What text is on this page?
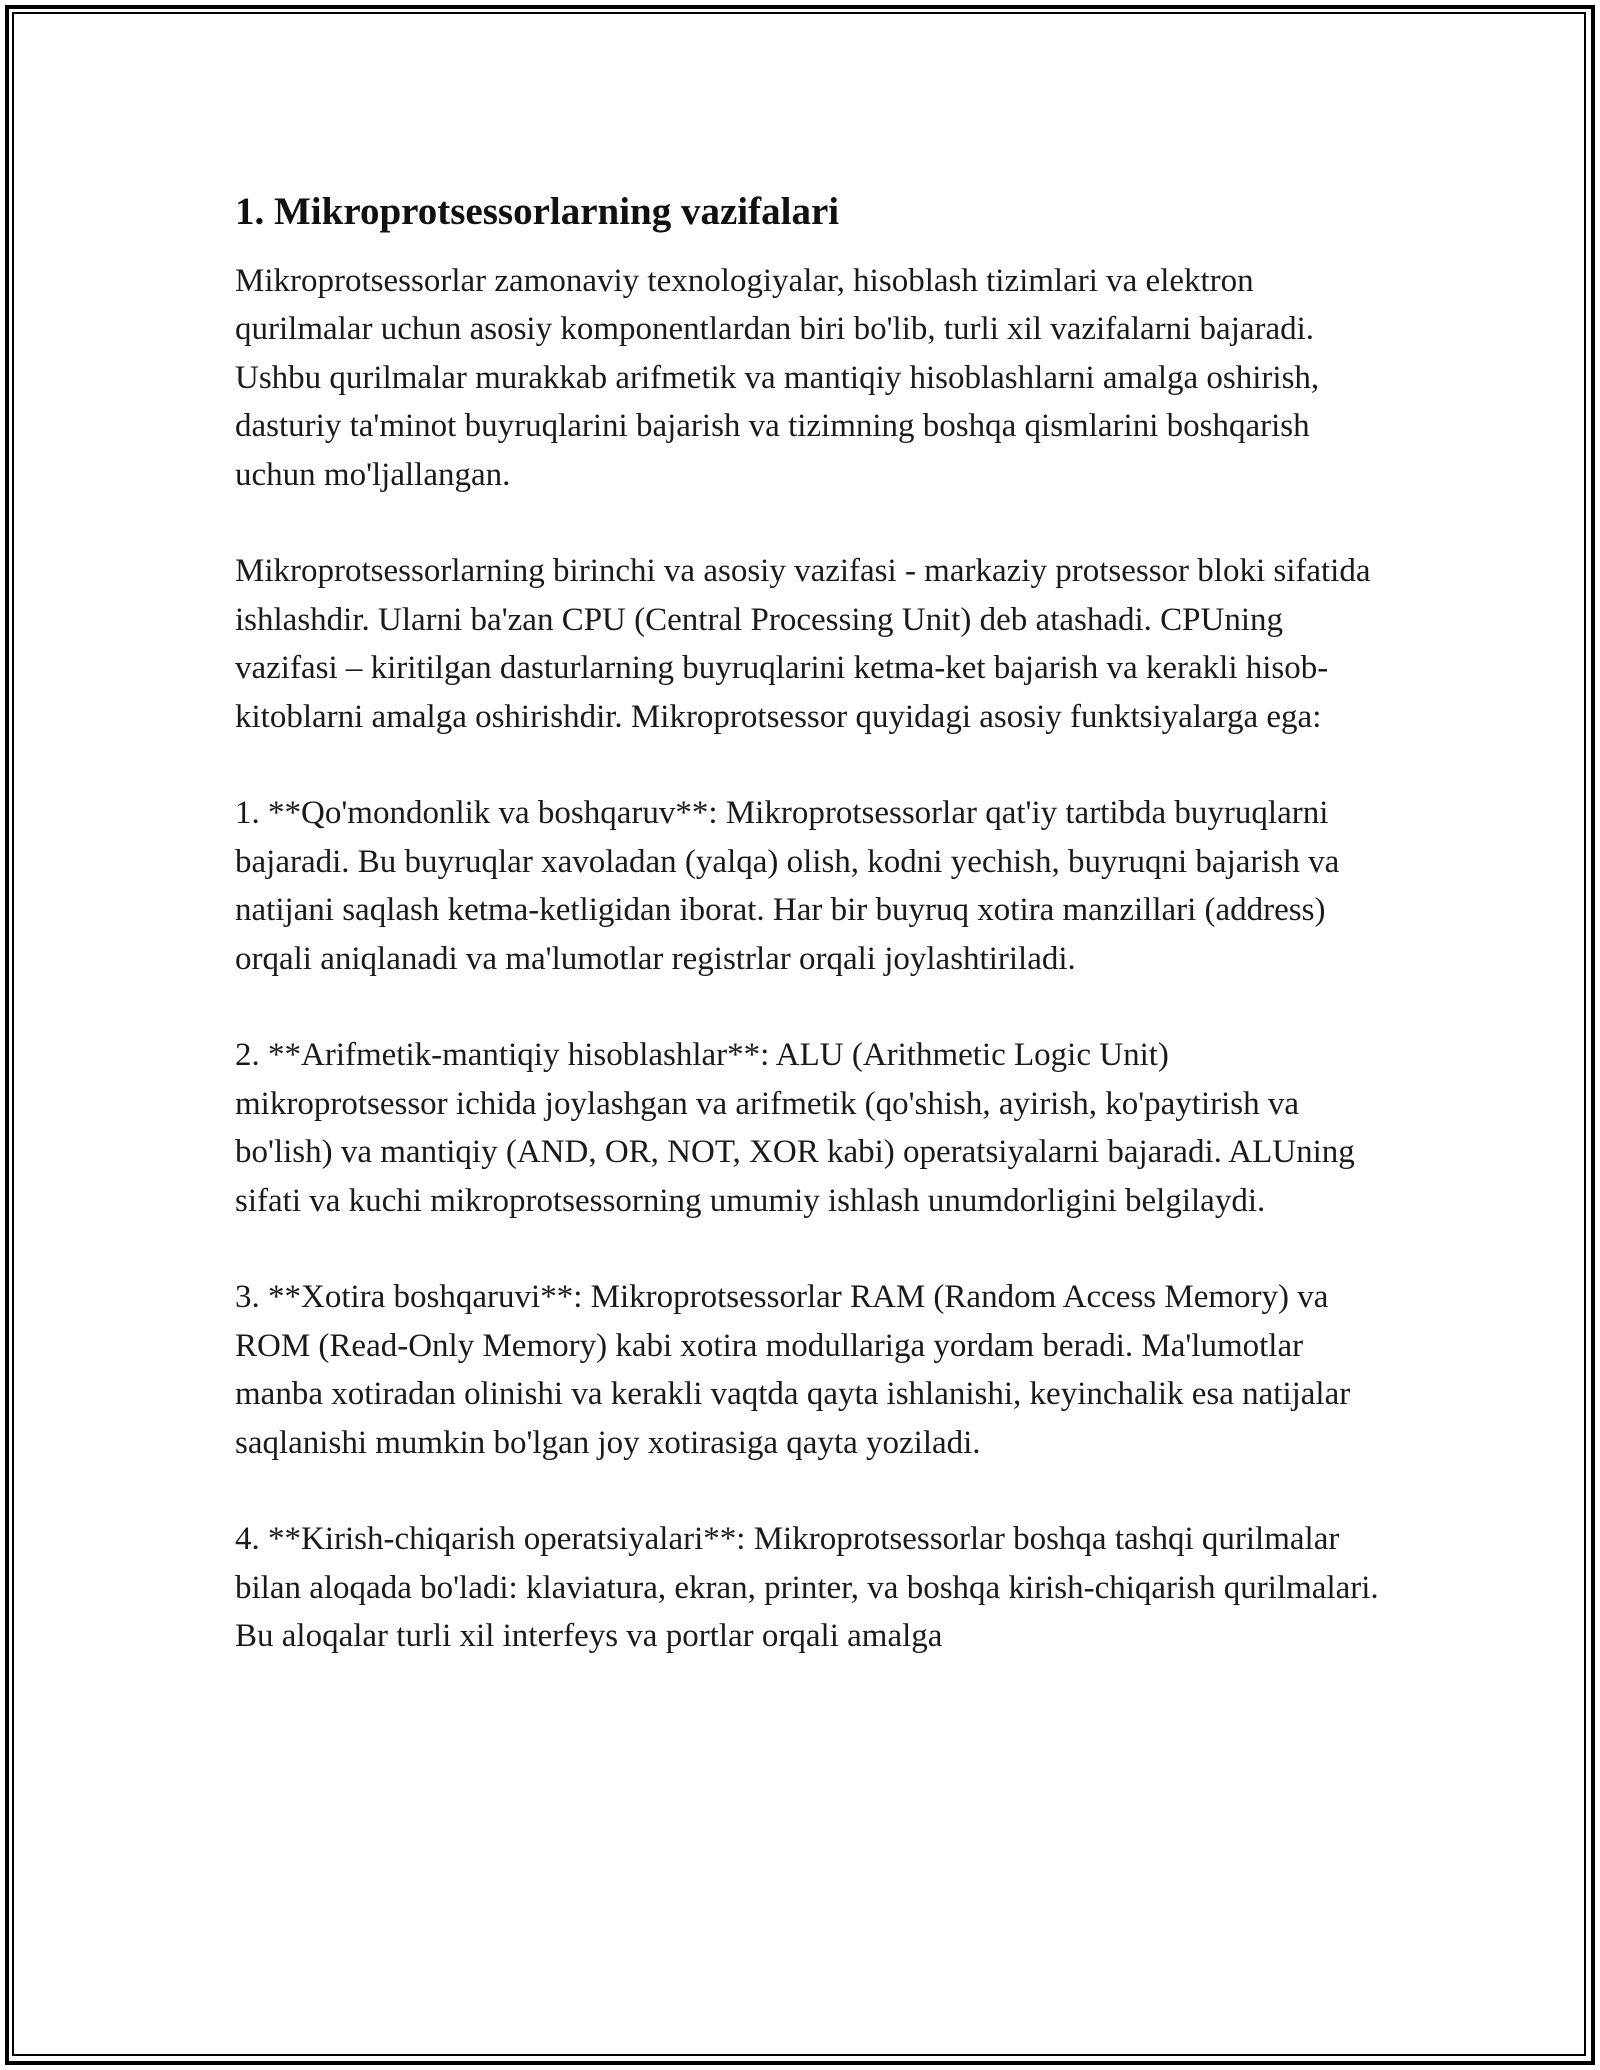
1. Mikroprotsessorlarning vazifalari

Mikroprotsessorlar zamonaviy texnologiyalar, hisoblash tizimlari va elektron qurilmalar uchun asosiy komponentlardan biri bo'lib, turli xil vazifalarni bajaradi. Ushbu qurilmalar murakkab arifmetik va mantiqiy hisoblashlarni amalga oshirish, dasturiy ta'minot buyruqlarini bajarish va tizimning boshqa qismlarini boshqarish uchun mo'ljallangan.

Mikroprotsessorlarning birinchi va asosiy vazifasi - markaziy protsessor bloki sifatida ishlashdir. Ularni ba'zan CPU (Central Processing Unit) deb atashadi. CPUning vazifasi – kiritilgan dasturlarning buyruqlarini ketma-ket bajarish va kerakli hisob-kitoblarni amalga oshirishdir. Mikroprotsessor quyidagi asosiy funktsiyalarga ega:

1. **Qo'mondonlik va boshqaruv**: Mikroprotsessorlar qat'iy tartibda buyruqlarni bajaradi. Bu buyruqlar xavoladan (yalqa) olish, kodni yechish, buyruqni bajarish va natijani saqlash ketma-ketligidan iborat. Har bir buyruq xotira manzillari (address) orqali aniqlanadi va ma'lumotlar registrlar orqali joylashtiriladi.

2. **Arifmetik-mantiqiy hisoblashlar**: ALU (Arithmetic Logic Unit) mikroprotsessor ichida joylashgan va arifmetik (qo'shish, ayirish, ko'paytirish va bo'lish) va mantiqiy (AND, OR, NOT, XOR kabi) operatsiyalarni bajaradi. ALUning sifati va kuchi mikroprotsessorning umumiy ishlash unumdorligini belgilaydi.

3. **Xotira boshqaruvi**: Mikroprotsessorlar RAM (Random Access Memory) va ROM (Read-Only Memory) kabi xotira modullariga yordam beradi. Ma'lumotlar manba xotiradan olinishi va kerakli vaqtda qayta ishlanishi, keyinchalik esa natijalar saqlanishi mumkin bo'lgan joy xotirasiga qayta yoziladi.

4. **Kirish-chiqarish operatsiyalari**: Mikroprotsessorlar boshqa tashqi qurilmalar bilan aloqada bo'ladi: klaviatura, ekran, printer, va boshqa kirish-chiqarish qurilmalari. Bu aloqalar turli xil interfeys va portlar orqali amalga
